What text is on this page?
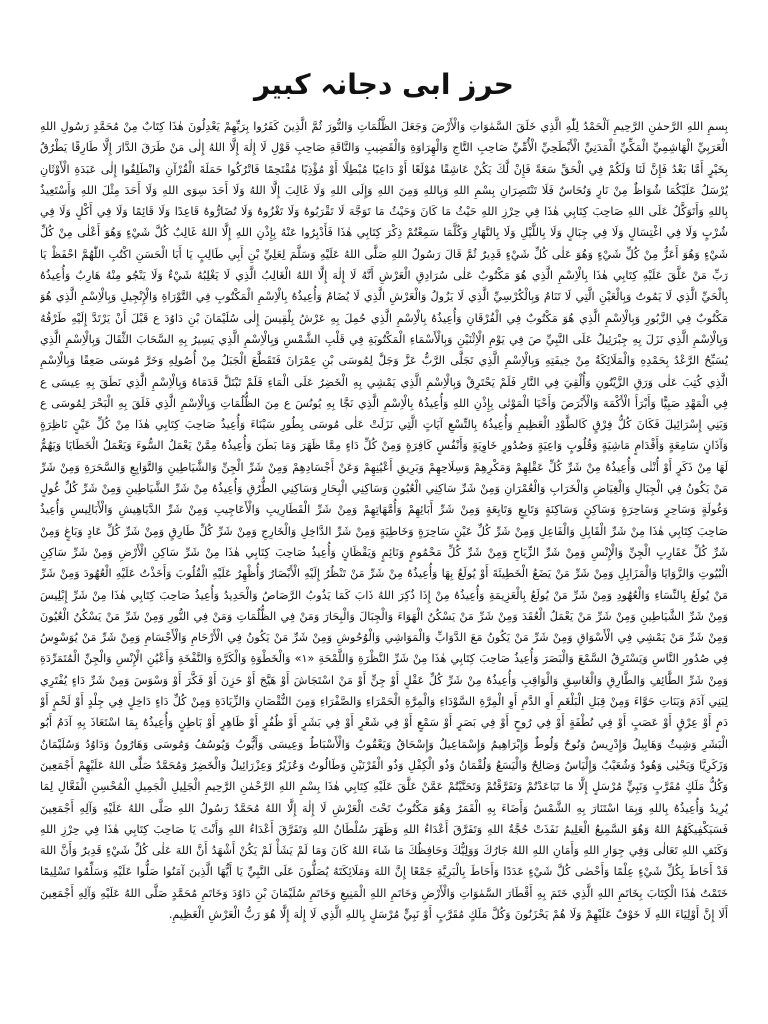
حرز ابی دجانہ کبیر

بِسمِ اللهِ الرَّحمٰنِ الرَّحِيمِ اَلْحَمْدُ لِلّٰهِ الَّذِي خَلَقَ السَّمٰوَاتِ وَالْأَرْضَ وَجَعَلَ الظُّلُمَاتِ وَالنُّورَ ثُمَّ الَّذِينَ كَفَرُوا بِرَبِّهِمْ يَعْدِلُونَ هٰذَا كِتَابٌ مِنْ مُحَمَّدٍ رَسُولِ اللهِ الْعَرَبِيِّ الْهَاشِمِيِّ الْمَكِّيِّ الْمَدَنِيِّ الْأَبْطَحِيِّ الْأُمِّيِّ صَاحِبِ التَّاجِ وَالْهِرَاوَةِ وَالْقَضِيبِ وَالنَّاقَةِ صَاحِبِ قَوْلِ لَا إِلٰهَ إِلَّا اللهُ إِلٰى مَنْ طَرَقَ الدَّارَ إِلَّا طَارِقًا يَطْرُقُ بِخَيْرٍ أَمَّا بَعْدُ فَإِنَّ لَنَا وَلَكُمْ فِي الْحَقِّ سَعَةً فَإِنْ لَّكَ يَكُنْ عَاشِقًا مُوْلَعًا أَوْ دَاعِيًا مُبْطِلًا أَوْ مُؤْذِيًا مُقْتَحِمًا فَاتْرُكُوا حَمَلَةَ الْقُرْآنِ وَانْطَلِقُوا إِلٰى عَبَدَةِ الْأَوْثَانِ يُرْسَلُ عَلَيْكُمَا شُوَاظٌ مِنْ نَارٍ وَنُحَاسٌ فَلَا تَنْتَصِرَانِ بِسْمِ اللهِ وَبِاللهِ وَمِنَ اللهِ وَإِلَى اللهِ وَلَا غَالِبَ إِلَّا اللهُ وَلَا أَحَدَ سِوَى اللهِ وَلَا أَحَدَ مِثْلَ اللهِ وَأَسْتَعِيذُ بِاللهِ وَأَتَوَكَّلُ عَلَى اللهِ صَاحِبَ كِتَابِي هٰذَا فِي حِرْزِ اللهِ حَيْثُ مَا كَانَ وَحَيْثُ مَا تَوَجَّهَ لَا تَقْرَبُوهُ وَلَا تَغْزُوهُ وَلَا تُضَارُّوهُ قَاعِدًا وَلَا قَائِمًا وَلَا فِي أَكْلٍ وَلَا فِي شُرْبٍ وَلَا فِي اغْتِسَالٍ وَلَا فِي جِبَالٍ وَلَا بِاللَّيْلِ وَلَا بِالنَّهَارِ وَكُلَّمَا سَمِعْتُمْ ذِكْرَ كِتَابِي هٰذَا فَأَدْبِرُوا عَنْهُ بِإِذْنِ اللهِ إِلَّا اللهُ غَالِبٌ كُلَّ شَيْءٍ وَهُوَ أَعْلٰى مِنْ كُلِّ شَيْءٍ وَهُوَ أَعَزُّ مِنْ كُلِّ شَيْءٍ وَهُوَ عَلٰى كُلِّ شَيْءٍ قَدِيرٌ ثُمَّ قَالَ رَسُولُ اللهِ صَلَّى اللهُ عَلَيْهِ وَسَلَّمَ لِعَلِيِّ بْنِ أَبِي طَالِبٍ يَا أَبَا الْحَسَنِ اكْتُبِ اللّٰهُمَّ احْفَظْ يَا رَبِّ مَنْ عَلَّقَ عَلَيْهِ كِتَابِي هٰذَا بِالْاِسْمِ الَّذِي هُوَ مَكْتُوبٌ عَلٰى سُرَادِقِ الْعَرْشِ أَنَّهُ لَا إِلٰهَ إِلَّا اللهُ الْغَالِبُ الَّذِي لَا يَغْلِبُهُ شَيْءٌ وَلَا يَنْجُو مِنْهُ هَارِبٌ وَأُعِيذُهُ بِالْحَيِّ الَّذِي لَا يَمُوتُ وَبِالْعَيْنِ الَّتِي لَا تَنَامُ وَبِالْكُرْسِيِّ الَّذِي لَا يَزُولُ وَالْعَرْشِ الَّذِي لَا يُضَامُ وَأُعِيذُهُ بِالْاِسْمِ الْمَكْتُوبِ فِي التَّوْرَاةِ وَالْإِنْجِيلِ وَبِالْاِسْمِ الَّذِي هُوَ مَكْتُوبٌ فِي الزَّبُورِ وَبِالْاِسْمِ الَّذِي هُوَ مَكْتُوبٌ فِي الْفُرْقَانِ وَأُعِيذُهُ بِالْاِسْمِ الَّذِي حُمِلَ بِهِ عَرْشُ بِلْقِيسَ إِلٰى سُلَيْمَانَ بْنِ دَاوُدَ ع قَبْلَ أَنْ يَرْتَدَّ إِلَيْهِ طَرْفُهُ وَبِالْاِسْمِ الَّذِي نَزَلَ بِهِ جِبْرَئِيلُ عَلَى النَّبِيِّ صَ فِي يَوْمِ الْاِثْنَيْنِ وَبِالْأَسْمَاءِ الْمَكْتُوبَةِ فِي قَلْبِ الشَّمْسِ وَبِالْاِسْمِ الَّذِي يَسِيرُ بِهِ السَّحَابَ الثِّقَالَ وَبِالْاِسْمِ الَّذِي يُسَبِّحُ الرَّعْدُ بِحَمْدِهِ وَالْمَلَائِكَةُ مِنْ خِيفَتِهِ وَبِالْاِسْمِ الَّذِي تَجَلَّى الرَّبُّ عَزَّ وَجَلَّ لِمُوسَى بْنِ عِمْرَانَ فَتَقَطَّعَ الْجَبَلُ مِنْ أُصُولِهِ وَخَرَّ مُوسَى صَعِقًا وَبِالْاِسْمِ الَّذِي كُتِبَ عَلٰى وَرَقِ الزَّيْتُونِ وَأُلْقِيَ فِي النَّارِ فَلَمْ يَحْتَرِقْ وَبِالْاِسْمِ الَّذِي يَمْشِي بِهِ الْخَضِرُ عَلَى الْمَاءِ فَلَمْ تَبْتَلَّ قَدَمَاهُ وَبِالْاِسْمِ الَّذِي نَطَقَ بِهِ عِيسَى ع فِي الْمَهْدِ صَبِيًّا وَأَبْرَأَ الْأَكْمَهَ وَالْأَبْرَصَ وَأَحْيَا الْمَوْتٰى بِإِذْنِ اللهِ وَأُعِيذُهُ بِالْاِسْمِ الَّذِي نَجَّا بِهِ يُونُسَ ع مِنَ الظُّلُمَاتِ وَبِالْاِسْمِ الَّذِي فَلَقَ بِهِ الْبَحْرَ لِمُوسَى ع وَبَنِي إِسْرَائِيلَ فَكَانَ كُلُّ فِرْقٍ كَالطَّوْدِ الْعَظِيمِ وَأُعِيذُهُ بِالتِّسْعِ آيَاتٍ الَّتِي نَزَلَتْ عَلٰى مُوسَى بِطُورِ سَيْنَاءَ وَأُعِيذُ صَاحِبَ كِتَابِي هٰذَا مِنْ كُلِّ عَيْنٍ نَاظِرَةٍ وَآذَانٍ سَامِعَةٍ وَأَقْدَامٍ مَاشِيَةٍ وَقُلُوبٍ وَاعِيَةٍ وَصُدُورٍ خَاوِيَةٍ وَأَنْفُسٍ كَافِرَةٍ وَمِنْ كُلِّ دَاءٍ مِمَّا ظَهَرَ وَمَا بَطَنَ وَأُعِيذُهُ مِمَّنْ يَعْمَلُ السُّوءَ وَيَعْمَلُ الْخَطَايَا وَيَهُمُّ لَهَا مِنْ ذَكَرٍ أَوْ أُنْثٰى وَأُعِيذُهُ مِنْ شَرِّ كُلِّ عَقْلِهِمْ وَمَكْرِهِمْ وَسِلَاحِهِمْ وَبَرِيقِ أَعْيُنِهِمْ وَعَنْ أَجْسَادِهِمْ وَمِنْ شَرِّ الْجِنِّ وَالشَّيَاطِينِ وَالتَّوَابِعِ وَالسَّحَرَةِ وَمِنْ شَرِّ مَنْ يَكُونُ فِي الْجِبَالِ وَالْغِيَاضِ وَالْخَرَابِ وَالْعُمْرَانِ وَمِنْ شَرِّ سَاكِنِي الْعُيُونِ وَسَاكِنِي الْبِحَارِ وَسَاكِنِي الطُّرُقِ وَأُعِيذُهُ مِنْ شَرِّ الشَّيَاطِينِ وَمِنْ شَرِّ كُلِّ غُولٍ وَغُولَةٍ وَسَاحِرٍ وَسَاحِرَةٍ وَسَاكِنٍ وَسَاكِنَةٍ وَتَابِعٍ وَتَابِعَةٍ وَمِنْ شَرِّ أَبَائِهِمْ وَأُمَّهَاتِهِمْ وَمِنْ شَرِّ الْقَطَارِيبِ وَالْأَعَاجِيبِ وَمِنْ شَرِّ الدَّيَاهِيشِ وَالْأَبَالِيسِ وَأُعِيذُ صَاحِبَ كِتَابِي هٰذَا مِنْ شَرِّ الْقَابِلِ وَالْفَاعِلِ وَمِنْ شَرِّ كُلِّ عَيْنٍ سَاحِرَةٍ وَخَاطِيَةٍ وَمِنْ شَرِّ الدَّاخِلِ وَالْخَارِجِ وَمِنْ شَرِّ كُلِّ طَارِقٍ وَمِنْ شَرِّ كُلِّ عَادٍ وَبَاغٍ وَمِنْ شَرِّ كُلِّ عَقَارِبِ الْجِنِّ وَالْإِنْسِ وَمِنْ شَرِّ الزِّيَاحِ وَمِنْ شَرِّ كُلِّ مَحْمُومٍ وَنَائِمٍ وَيَقْظَانٍ وَأُعِيذُ صَاحِبَ كِتَابِي هٰذَا مِنْ شَرِّ سَاكِنِ الْأَرْضِ وَمِنْ شَرِّ سَاكِنِ الْبُيُوتِ وَالزَّوَايَا وَالْمَزَابِلِ وَمِنْ شَرِّ مَنْ يَضَعُ الْخَطِيئَةَ أَوْ يُولَعُ بِهَا وَأُعِيذُهُ مِنْ شَرِّ مَنْ تَنْظُرُ إِلَيْهِ الْأَبْصَارُ وَأُظْهِرُ عَلَيْهِ الْقُلُوبَ وَأَخَذْتُ عَلَيْهِ الْعُهُودَ وَمِنْ شَرِّ مَنْ يُولَعُ بِالنِّسَاءِ وَالْعُهُودِ وَمِنْ شَرِّ مَنْ يُولَعُ بِالْعَزِيمَةِ وَأُعِيذُهُ مِنْ إِذَا ذُكِرَ اللهُ ذَابَ كَمَا يَذُوبُ الرَّصَاصُ وَالْحَدِيدُ وَأُعِيذُ صَاحِبَ كِتَابِي هٰذَا مِنْ شَرِّ إِبْلِيسَ وَمِنْ شَرِّ الشَّيَاطِينِ وَمِنْ شَرِّ مَنْ يَعْمَلُ الْعُقَدَ وَمِنْ شَرِّ مَنْ يَسْكُنُ الْهَوَاءَ وَالْجِبَالَ وَالْبِحَارَ وَمَنْ فِي الظُّلُمَاتِ وَمَنْ فِي النُّورِ وَمِنْ شَرِّ مَنْ يَسْكُنُ الْعُيُونَ وَمِنْ شَرِّ مَنْ يَمْشِي فِي الْأَسْوَاقِ وَمِنْ شَرِّ مَنْ يَكُونُ مَعَ الدَّوَابِّ وَالْمَوَاشِي وَالْوُحُوشِ وَمِنْ شَرِّ مَنْ يَكُونُ فِي الْأَرْحَامِ وَالْأَجْسَامِ وَمِنْ شَرِّ مَنْ يُوَسْوِسُ فِي صُدُورِ النَّاسِ وَيَسْتَرِقُ السَّمْعَ وَالْبَصَرَ وَأُعِيذُ صَاحِبَ كِتَابِي هٰذَا مِنْ شَرِّ النَّظْرَةِ وَاللَّمْحَةِ «١» وَالْخَطْوَةِ وَالْكَرَّةِ وَالنَّفْخَةِ وَأَعْيُنِ الْإِنْسِ وَالْجِنِّ الْمُتَمَرِّدَةِ وَمِنْ شَرِّ الطَّائِفِ وَالطَّارِقِ وَالْغَاسِقِ وَالْوَاقِبِ وَأُعِيذُهُ مِنْ شَرِّ كُلِّ عَقْلٍ أَوْ جِنٍّ أَوْ مَنْ اسْتَجَاشَ أَوْ هَيَّجَ أَوْ حَزِنَ أَوْ فَكَّرَ أَوْ وَسْوَسَ وَمِنْ شَرِّ دَاءٍ يُفْتَرِي لِبَنِي آدَمَ وَبَنَاتِ حَوَّاءَ وَمِنْ قِبَلِ الْبَلْغَمِ أَوِ الدَّمِ أَوِ الْمِرَّةِ السَّوْدَاءِ وَالْمِرَّةِ الْحَمْرَاءِ وَالصَّفْرَاءِ وَمِنَ النُّقْصَانِ وَالزِّيَادَةِ وَمِنْ كُلِّ دَاءٍ دَاخِلٍ فِي جِلْدٍ أَوْ لَحْمٍ أَوْ دَمٍ أَوْ عِرْقٍ أَوْ عَصَبٍ أَوْ فِي نُطْفَةٍ أَوْ فِي رُوحٍ أَوْ فِي بَصَرٍ أَوْ سَمْعٍ أَوْ فِي شَعْرٍ أَوْ فِي بَشَرٍ أَوْ ظُفُرٍ أَوْ ظَاهِرٍ أَوْ بَاطِنٍ وَأُعِيذُهُ بِمَا اسْتَعَاذَ بِهِ آدَمُ أَبُو الْبَشَرِ وَشِيثٌ وَهَابِيلُ وَإِدْرِيسُ وَنُوحٌ وَلُوطٌ وَإِبْرَاهِيمُ وَإِسْمَاعِيلُ وَإِسْحَاقُ وَيَعْقُوبُ وَالْأَسْبَاطُ وَعِيسَى وَأَيُّوبُ وَيُوسُفُ وَمُوسَى وَهَارُونُ وَدَاوُدُ وَسُلَيْمَانُ وَزَكَرِيَّا وَيَحْيٰى وَهُودٌ وَشُعَيْبٌ وَإِلْيَاسُ وَصَالِحٌ وَالْيَسَعُ وَلُقْمَانُ وَذُو الْكِفْلِ وَذُو الْقَرْنَيْنِ وَطَالُوتُ وَعُزَيْرٌ وَعِزْرَائِيلُ وَالْخَضِرُ وَمُحَمَّدٌ صَلَّى اللهُ عَلَيْهِمْ أَجْمَعِينَ وَكُلُّ مَلَكٍ مُقَرَّبٍ وَنَبِيٍّ مُرْسَلٍ إِلَّا مَا تَبَاعَدْتُمْ وَتَفَرَّقْتُمْ وَتَحَنَّيْتُمْ عَمَّنْ عَلَّقَ عَلَيْهِ كِتَابِي هٰذَا بِسْمِ اللهِ الرَّحْمٰنِ الرَّحِيمِ الْجَلِيلِ الْجَمِيلِ الْمُحْسِنِ الْفَعَّالِ لِمَا يُرِيدُ وَأُعِيذُهُ بِاللهِ وَبِمَا اسْتَنَارَ بِهِ الشَّمْسُ وَأَضَاءَ بِهِ الْقَمَرُ وَهُوَ مَكْتُوبٌ تَحْتَ الْعَرْشِ لَا إِلٰهَ إِلَّا اللهُ مُحَمَّدٌ رَسُولُ اللهِ صَلَّى اللهُ عَلَيْهِ وَآلِهِ أَجْمَعِينَ فَسَيَكْفِيكَهُمُ اللهُ وَهُوَ السَّمِيعُ الْعَلِيمُ نَفَذَتْ حُجَّةُ اللهِ وَتَفَرَّقَ أَعْدَاءُ اللهِ وَظَهَرَ سُلْطَانُ اللهِ وَتَفَرَّقَ أَعْدَاءُ اللهِ وَأَنْتَ يَا صَاحِبَ كِتَابِي هٰذَا فِي حِرْزِ اللهِ وَكَنَفِ اللهِ تَعَالٰى وَفِي جِوَارِ اللهِ وَأَمَانِ اللهِ اللهُ جَارُكَ وَوَلِيُّكَ وَحَافِظُكَ مَا شَاءَ اللهُ كَانَ وَمَا لَمْ يَشَأْ لَمْ يَكُنْ أَشْهَدُ أَنَّ اللهَ عَلٰى كُلِّ شَيْءٍ قَدِيرٌ وَأَنَّ اللهَ قَدْ أَحَاطَ بِكُلِّ شَيْءٍ عِلْمًا وَأَحْصٰى كُلَّ شَيْءٍ عَدَدًا وَأَحَاطَ بِالْبَرِيَّةِ جَمْعًا إِنَّ اللهَ وَمَلَائِكَتَهُ يُصَلُّونَ عَلَى النَّبِيِّ يَا أَيُّهَا الَّذِينَ آمَنُوا صَلُّوا عَلَيْهِ وَسَلِّمُوا تَسْلِيمًا خَتَمْتُ هٰذَا الْكِتَابَ بِخَاتَمِ اللهِ الَّذِي خَتَمَ بِهِ أَقْطَارَ السَّمٰوَاتِ وَالْأَرْضِ وَخَاتَمِ اللهِ الْمَنِيعِ وَخَاتَمِ سُلَيْمَانَ بْنِ دَاوُدَ وَخَاتَمِ مُحَمَّدٍ صَلَّى اللهُ عَلَيْهِ وَآلِهِ أَجْمَعِينَ أَلَا إِنَّ أَوْلِيَاءَ اللهِ لَا خَوْفٌ عَلَيْهِمْ وَلَا هُمْ يَحْزَنُونَ وَكُلَّ مَلَكٍ مُقَرَّبٍ أَوْ نَبِيٍّ مُرْسَلٍ بِاللهِ الَّذِي لَا إِلٰهَ إِلَّا هُوَ رَبُّ الْعَرْشِ الْعَظِيمِ.
